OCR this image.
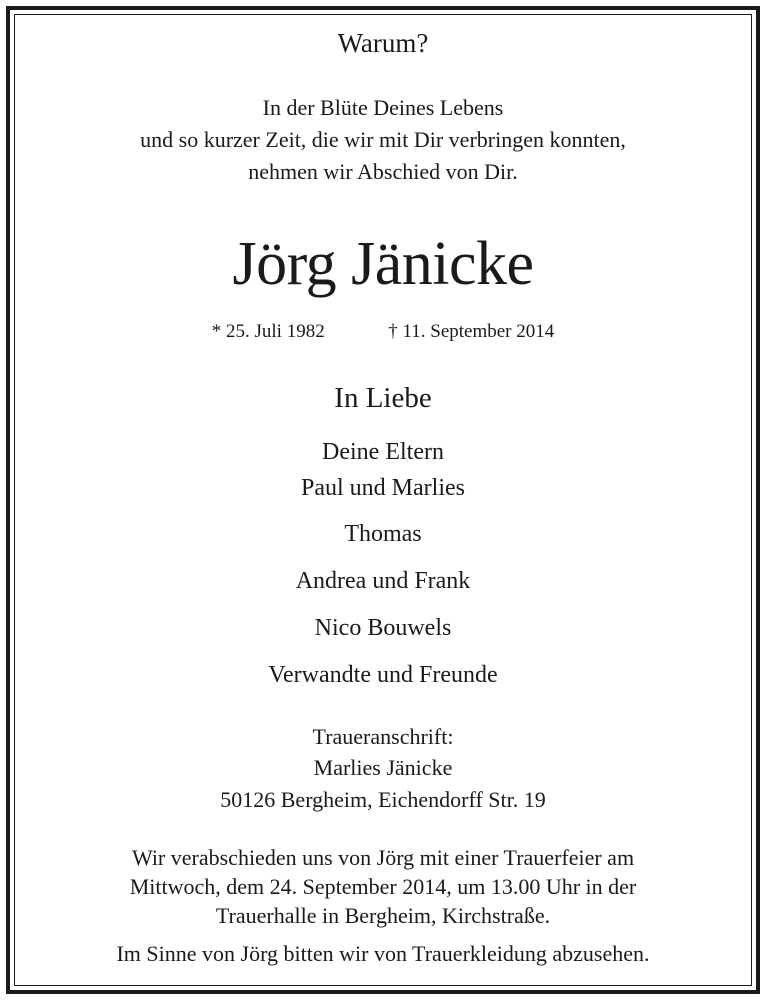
Warum?
In der Blüte Deines Lebens
und so kurzer Zeit, die wir mit Dir verbringen konnten,
nehmen wir Abschied von Dir.
Jörg Jänicke
* 25. Juli 1982	† 11. September 2014
In Liebe
Deine Eltern
Paul und Marlies
Thomas
Andrea und Frank
Nico Bouwels
Verwandte und Freunde
Traueranschrift:
Marlies Jänicke
50126 Bergheim, Eichendorff Str. 19
Wir verabschieden uns von Jörg mit einer Trauerfeier am
Mittwoch, dem 24. September 2014, um 13.00 Uhr in der
Trauerhalle in Bergheim, Kirchstraße.
Im Sinne von Jörg bitten wir von Trauerkleidung abzusehen.
